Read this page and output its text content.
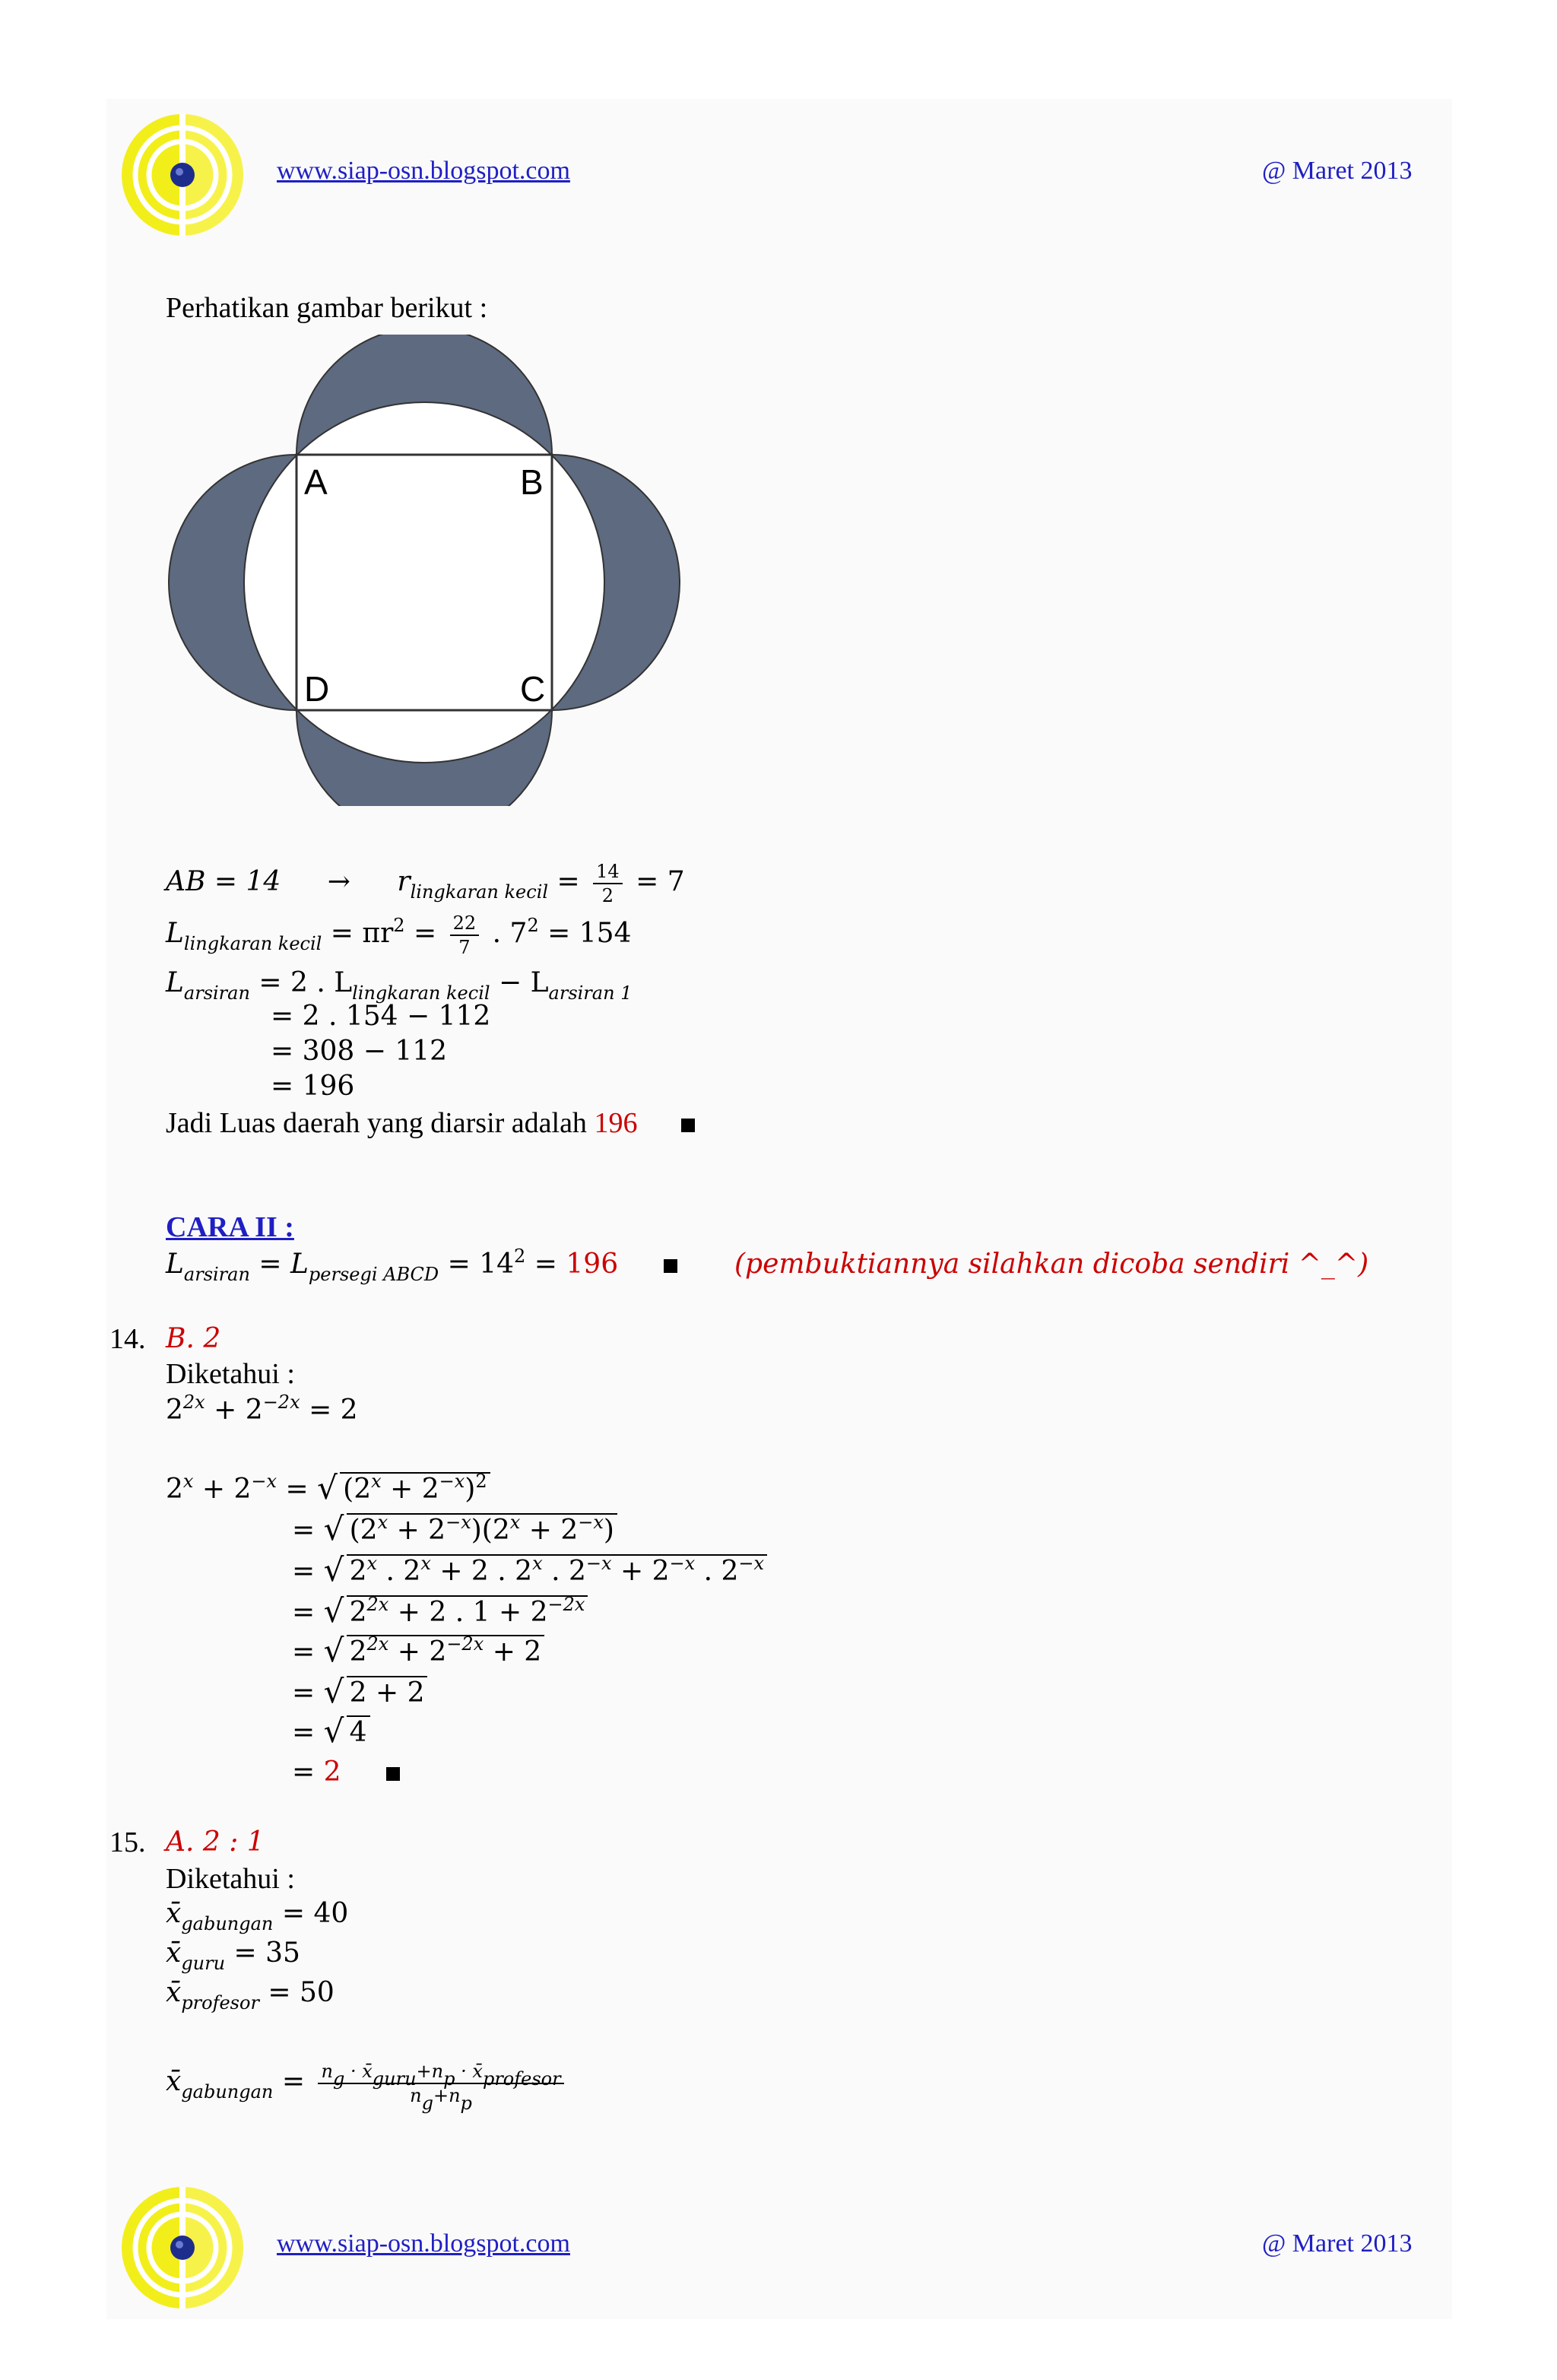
www.siap-osn.blogspot.com	@ Maret 2013
Perhatikan gambar berikut :
A	B
C
D
AB = $14 \to r_{lingkaran kecil} = \frac{14}{2} = 7$
$L_{lingkaran kecil} = \pi r^2 = \frac{22}{7}$ . $7^2 = 154$
$L_{arsiran} = 2$ . $L_{lingkaran kecil} - L_{arsiran 1}$
= 2 . 154 − 112
= 308 − 112
= 196
Jadi Luas daerah yang diarsir adalah 196
CARA II :
$L_{arsiran} = L_{persegi ABCD} = 14^2 = 196$	(pembuktiannya silahkan dicoba sendiri ^_^)
14. B. 2
Diketahui :
$2^{2x} + 2^{-2x} = 2$
$2^x + 2^{-x}$ = √ $(2^x + 2^{-x})^2$
= √ $(2^x + 2^{-x})(2^x + 2^{-x})$
= √ 2$^x$ . $2^x + 2$ . 2$^x$ . $2^{-x} + 2^{-x}$ . $2^{-x}$
= √ $2^{2x} + 2$ . $1 + 2^{-2x}$
= √ $2^{2x} + 2^{-2x} + 2$
= √ 2 + 2
= √ 4
= 2
15. A. 2 : 1
Diketahui :
$x̄_{gabungan} = 40$
$x̄_{guru} = 35$
$x̄_{profesor} = 50$
$x̄_{gabungan} = \frac{n_g \cdot x̄_{guru}+n_p \cdot x̄_{profesor}}{n_g+n_p}$
www.siap-osn.blogspot.com	@ Maret 2013
